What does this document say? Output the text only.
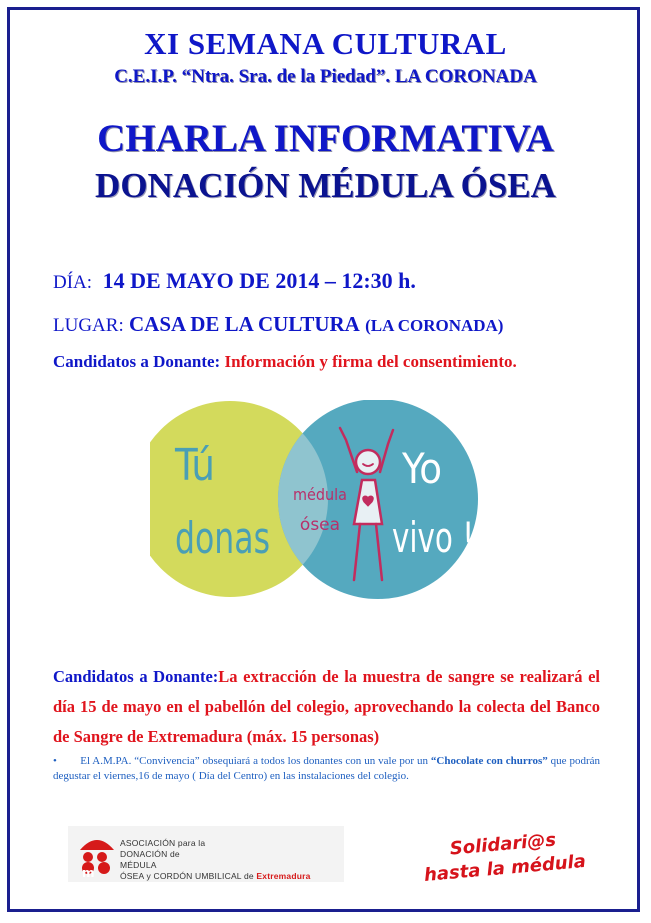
XI SEMANA CULTURAL
C.E.I.P. “Ntra. Sra. de la Piedad”. LA CORONADA
CHARLA INFORMATIVA
DONACIÓN MÉDULA ÓSEA
DÍA: 14 DE MAYO DE 2014 – 12:30 h.
LUGAR: CASA DE LA CULTURA (LA CORONADA)
Candidatos a Donante: Información y firma del consentimiento.
Tú
donas
médula
ósea
Yo
vivo !
Candidatos a Donante:La extracción de la muestra de sangre se realizará el día 15 de mayo en el pabellón del colegio, aprovechando la colecta del Banco de Sangre de Extremadura (máx. 15 personas)
• El A.M.PA. “Convivencia” obsequiará a todos los donantes con un vale por un “Chocolate con churros” que podrán degustar el viernes,16 de mayo ( Día del Centro) en las instalaciones del colegio.
m
ASOCIACIÓN para la
DONACIÓN de
MÉDULA
ÓSEA y CORDÓN UMBILICAL de Extremadura
Solidari@s
hasta la médula
